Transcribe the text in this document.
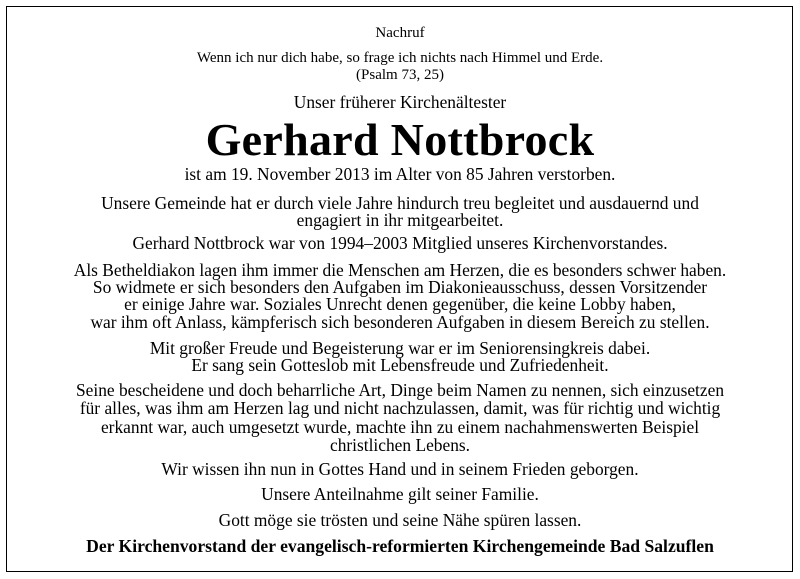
Nachruf
Wenn ich nur dich habe, so frage ich nichts nach Himmel und Erde.
(Psalm 73, 25)
Unser früherer Kirchenältester
Gerhard Nottbrock
ist am 19. November 2013 im Alter von 85 Jahren verstorben.
Unsere Gemeinde hat er durch viele Jahre hindurch treu begleitet und ausdauernd und
engagiert in ihr mitgearbeitet.
Gerhard Nottbrock war von 1994–2003 Mitglied unseres Kirchenvorstandes.
Als Betheldiakon lagen ihm immer die Menschen am Herzen, die es besonders schwer haben.
So widmete er sich besonders den Aufgaben im Diakonieausschuss, dessen Vorsitzender
er einige Jahre war. Soziales Unrecht denen gegenüber, die keine Lobby haben,
war ihm oft Anlass, kämpferisch sich besonderen Aufgaben in diesem Bereich zu stellen.
Mit großer Freude und Begeisterung war er im Seniorensingkreis dabei.
Er sang sein Gotteslob mit Lebensfreude und Zufriedenheit.
Seine bescheidene und doch beharrliche Art, Dinge beim Namen zu nennen, sich einzusetzen
für alles, was ihm am Herzen lag und nicht nachzulassen, damit, was für richtig und wichtig
erkannt war, auch umgesetzt wurde, machte ihn zu einem nachahmenswerten Beispiel
christlichen Lebens.
Wir wissen ihn nun in Gottes Hand und in seinem Frieden geborgen.
Unsere Anteilnahme gilt seiner Familie.
Gott möge sie trösten und seine Nähe spüren lassen.
Der Kirchenvorstand der evangelisch-reformierten Kirchengemeinde Bad Salzuflen
